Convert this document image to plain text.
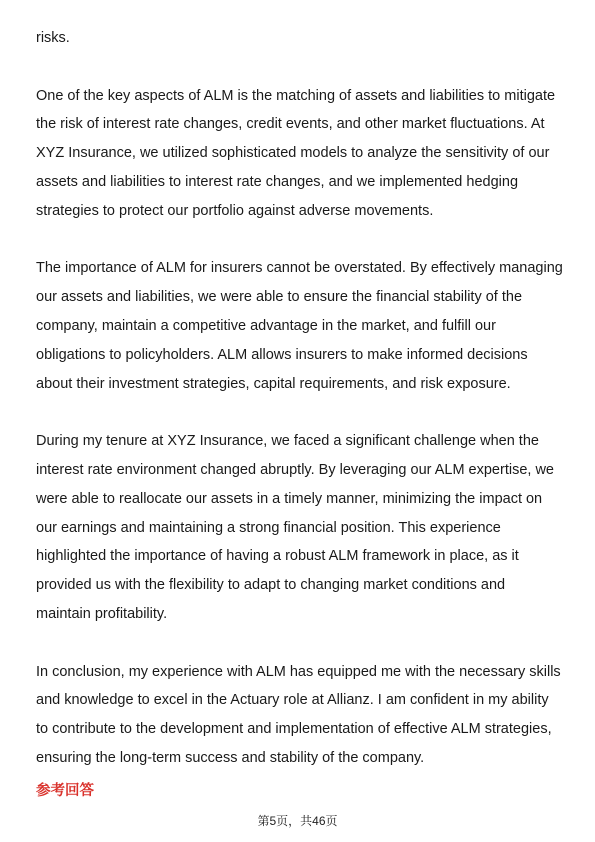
risks.

One of the key aspects of ALM is the matching of assets and liabilities to mitigate
the risk of interest rate changes, credit events, and other market fluctuations. At
XYZ Insurance, we utilized sophisticated models to analyze the sensitivity of our
assets and liabilities to interest rate changes, and we implemented hedging
strategies to protect our portfolio against adverse movements.

The importance of ALM for insurers cannot be overstated. By effectively managing
our assets and liabilities, we were able to ensure the financial stability of the
company, maintain a competitive advantage in the market, and fulfill our
obligations to policyholders. ALM allows insurers to make informed decisions
about their investment strategies, capital requirements, and risk exposure.

During my tenure at XYZ Insurance, we faced a significant challenge when the
interest rate environment changed abruptly. By leveraging our ALM expertise, we
were able to reallocate our assets in a timely manner, minimizing the impact on
our earnings and maintaining a strong financial position. This experience
highlighted the importance of having a robust ALM framework in place, as it
provided us with the flexibility to adapt to changing market conditions and
maintain profitability.

In conclusion, my experience with ALM has equipped me with the necessary skills
and knowledge to excel in the Actuary role at Allianz. I am confident in my ability
to contribute to the development and implementation of effective ALM strategies,
ensuring the long-term success and stability of the company.

参考回答
第5页，共46页
